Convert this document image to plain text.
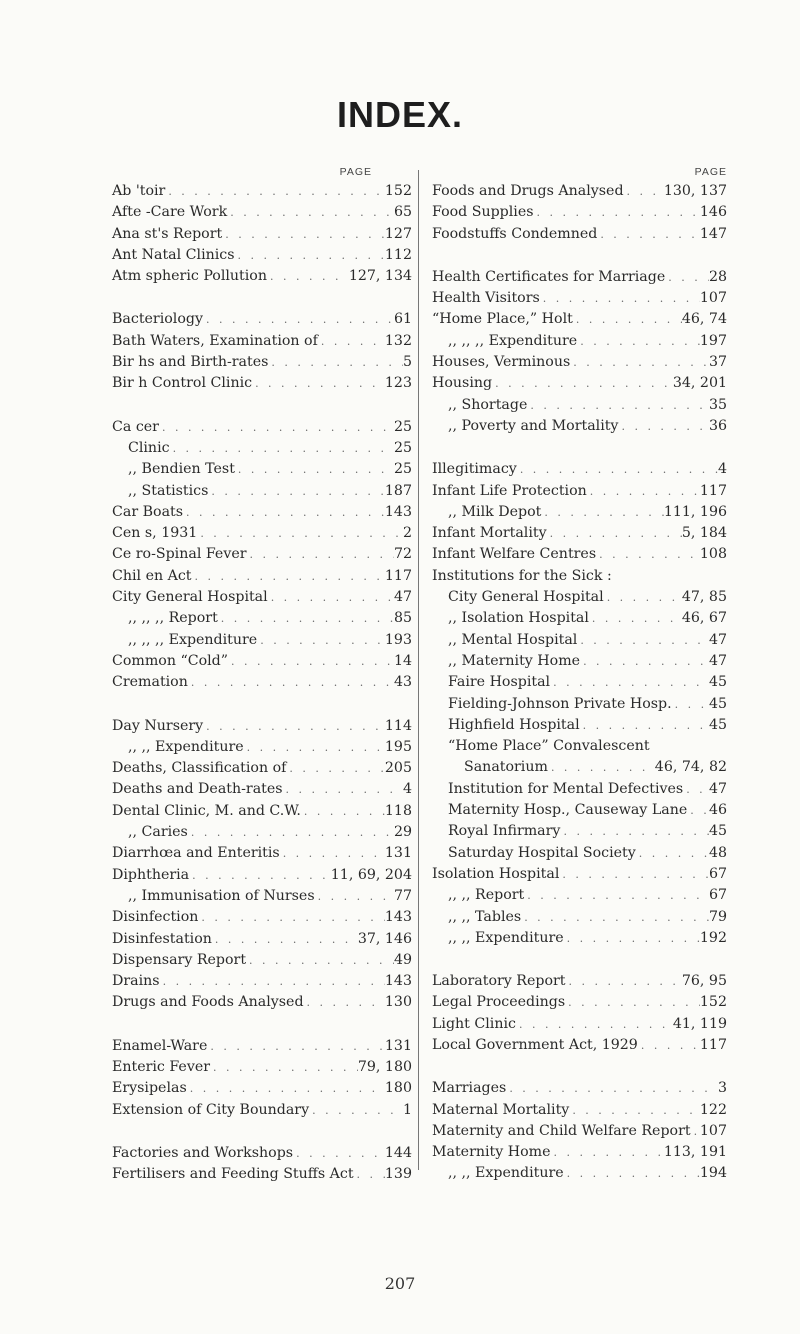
INDEX.
PAGE
Ab 'toir . . .	152
Afte -Care Work . . .	65
Ana st's Report . . .	127
Ant Natal Clinics . . .	112
Atm spheric Pollution . . .	127, 134
Bacteriology . . .	61
Bath Waters, Examination of . . .	132
Bir hs and Birth-rates . . .	5
Bir h Control Clinic . . .	123
Ca cer . . .	25
Clinic . . .	25
,, Bendien Test . . .	25
,, Statistics . . .	187
Car Boats . . .	143
Cen s, 1931 . . .	2
Ce ro-Spinal Fever . . .	72
Chil en Act . . .	117
City General Hospital . . .	47
,, ,, ,, Report . . .	85
,, ,, ,, Expenditure . . .	193
Common “Cold” . . .	14
Cremation . . .	43
Day Nursery . . .	114
,, ,, Expenditure . . .	195
Deaths, Classification of . . .	205
Deaths and Death-rates . . .	4
Dental Clinic, M. and C.W. . . .	118
,, Caries . . .	29
Diarrhœa and Enteritis . . .	131
Diphtheria . . .	11, 69, 204
,, Immunisation of Nurses . . .	77
Disinfection . . .	143
Disinfestation . . .	37, 146
Dispensary Report . . .	49
Drains . . .	143
Drugs and Foods Analysed . . .	130
Enamel-Ware . . .	131
Enteric Fever . . .	79, 180
Erysipelas . . .	180
Extension of City Boundary . . .	1
Factories and Workshops . . .	144
Fertilisers and Feeding Stuffs Act . . . 139
PAGE
Foods and Drugs Analysed . . .	130, 137
Food Supplies . . .	146
Foodstuffs Condemned . . .	147
Health Certificates for Marriage . . .	28
Health Visitors . . .	107
“Home Place,” Holt . . .	46, 74
,, ,, ,, Expenditure . . .	197
Houses, Verminous . . .	37
Housing . . .	34, 201
,, Shortage . . .	35
,, Poverty and Mortality . . .	36
Illegitimacy . . .	4
Infant Life Protection . . .	117
,, Milk Depot . . .	111, 196
Infant Mortality . . .	5, 184
Infant Welfare Centres . . .	108
Institutions for the Sick :
City General Hospital . . .	47, 85
,, Isolation Hospital . . .	46, 67
,, Mental Hospital . . .	47
,, Maternity Home . . .	47
Faire Hospital . . .	45
Fielding-Johnson Private Hosp. . . .	45
Highfield Hospital . . .	45
“Home Place” Convalescent
Sanatorium . . .	46, 74, 82
Institution for Mental Defectives . . . 47
Maternity Hosp., Causeway Lane . . . 46
Royal Infirmary . . .	45
Saturday Hospital Society . . .	48
Isolation Hospital . . .	67
,, ,, Report . . .	67
,, ,, Tables . . .	79
,, ,, Expenditure . . .	192
Laboratory Report . . .	76, 95
Legal Proceedings . . .	152
Light Clinic . . .	41, 119
Local Government Act, 1929 . . .	117
Marriages . . .	3
Maternal Mortality . . .	122
Maternity and Child Welfare Report . . . 107
Maternity Home . . .	113, 191
,, ,, Expenditure . . .	194
207
